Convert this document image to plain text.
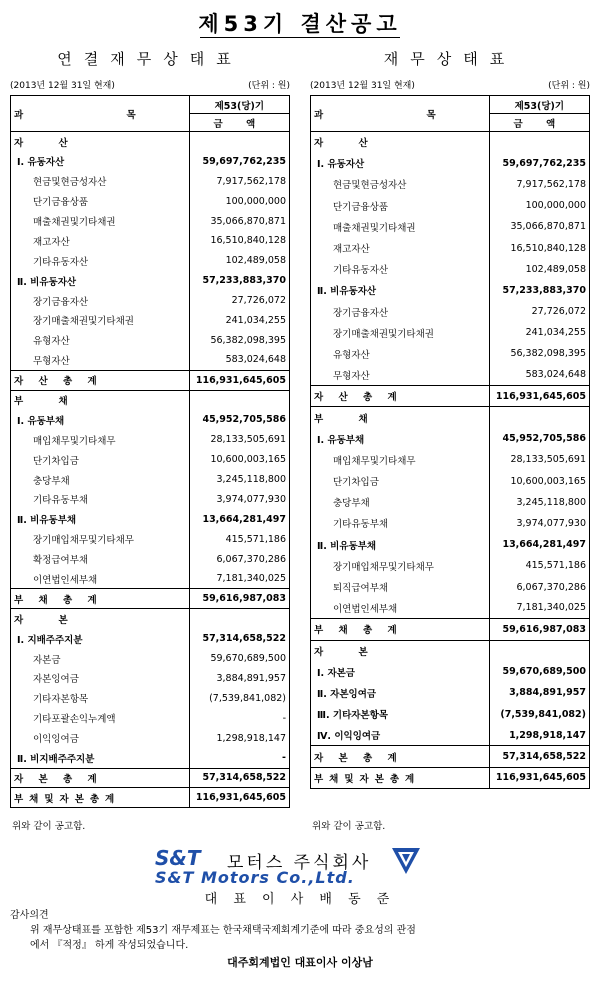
제53기 결산공고
연결재무상태표
(2013년 12월 31일 현재)	(단위 : 원)
과 목	제53(당)기
	금 액
자 산	
Ⅰ. 유동자산	59,697,762,235
현금및현금성자산	7,917,562,178
단기금융상품	100,000,000
매출채권및기타채권	35,066,870,871
재고자산	16,510,840,128
기타유동자산	102,489,058
Ⅱ. 비유동자산	57,233,883,370
장기금융자산	27,726,072
장기매출채권및기타채권	241,034,255
유형자산	56,382,098,395
무형자산	583,024,648
자 산 총 계	116,931,645,605
부 채	
Ⅰ. 유동부채	45,952,705,586
매입채무및기타채무	28,133,505,691
단기차입금	10,600,003,165
충당부채	3,245,118,800
기타유동부채	3,974,077,930
Ⅱ. 비유동부채	13,664,281,497
장기매입채무및기타채무	415,571,186
확정급여부채	6,067,370,286
이연법인세부채	7,181,340,025
부 채 총 계	59,616,987,083
자 본	
Ⅰ. 지배주주지분	57,314,658,522
자본금	59,670,689,500
자본잉여금	3,884,891,957
기타자본항목	(7,539,841,082)
기타포괄손익누계액	-
이익잉여금	1,298,918,147
Ⅱ. 비지배주주지분	-
자 본 총 계	57,314,658,522
부채및자본총계	116,931,645,605
위와 같이 공고함.
재무상태표
(2013년 12월 31일 현재)	(단위 : 원)
과 목	제53(당)기
	금 액
자 산	
Ⅰ. 유동자산	59,697,762,235
현금및현금성자산	7,917,562,178
단기금융상품	100,000,000
매출채권및기타채권	35,066,870,871
재고자산	16,510,840,128
기타유동자산	102,489,058
Ⅱ. 비유동자산	57,233,883,370
장기금융자산	27,726,072
장기매출채권및기타채권	241,034,255
유형자산	56,382,098,395
무형자산	583,024,648
자 산 총 계	116,931,645,605
부 채	
Ⅰ. 유동부채	45,952,705,586
매입채무및기타채무	28,133,505,691
단기차입금	10,600,003,165
충당부채	3,245,118,800
기타유동부채	3,974,077,930
Ⅱ. 비유동부채	13,664,281,497
장기매입채무및기타채무	415,571,186
퇴직급여부채	6,067,370,286
이연법인세부채	7,181,340,025
부 채 총 계	59,616,987,083
자 본	
Ⅰ. 자본금	59,670,689,500
Ⅱ. 자본잉여금	3,884,891,957
Ⅲ. 기타자본항목	(7,539,841,082)
Ⅳ. 이익잉여금	1,298,918,147
자 본 총 계	57,314,658,522
부채및자본총계	116,931,645,605
위와 같이 공고함.
S&T 모터스 주식회사
S&T Motors Co.,Ltd.
대 표 이 사 배 동 준
감사의견
위 재무상태표를 포함한 제53기 재무제표는 한국채택국제회계기준에 따라 중요성의 관점
에서 『적정』 하게 작성되었습니다.
대주회계법인 대표이사 이상남
